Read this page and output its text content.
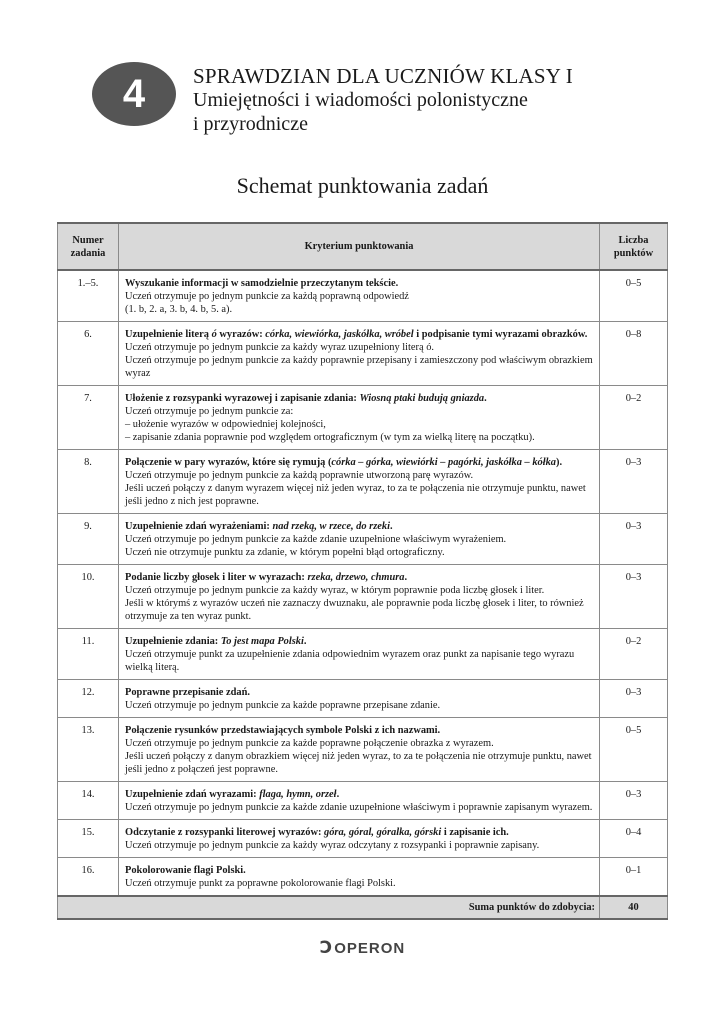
4 SPRAWDZIAN DLA UCZNIÓW KLASY I
Umiejętności i wiadomości polonistyczne
i przyrodnicze
Schemat punktowania zadań
Numer
zadania	Kryterium punktowania	Liczba
punktów

1.–5.	Wyszukanie informacji w samodzielnie przeczytanym tekście.
Uczeń otrzymuje po jednym punkcie za każdą poprawną odpowiedź
(1. b, 2. a, 3. b, 4. b, 5. a).	0–5
6.	Uzupełnienie literą ó wyrazów: córka, wiewiórka, jaskółka, wróbel i podpisanie tymi wyrazami obrazków.
Uczeń otrzymuje po jednym punkcie za każdy wyraz uzupełniony literą ó.
Uczeń otrzymuje po jednym punkcie za każdy poprawnie przepisany i zamieszczony pod właściwym obrazkiem wyraz	0–8
7.	Ułożenie z rozsypanki wyrazowej i zapisanie zdania: Wiosną ptaki budują gniazda.
Uczeń otrzymuje po jednym punkcie za:
– ułożenie wyrazów w odpowiedniej kolejności,
– zapisanie zdania poprawnie pod względem ortograficznym (w tym za wielką literę na początku).	0–2
8.	Połączenie w pary wyrazów, które się rymują (córka – górka, wiewiórki – pagórki, jaskółka – kółka).
Uczeń otrzymuje po jednym punkcie za każdą poprawnie utworzoną parę wyrazów.
Jeśli uczeń połączy z danym wyrazem więcej niż jeden wyraz, to za te połączenia nie otrzymuje punktu, nawet jeśli jedno z nich jest poprawne.	0–3
9.	Uzupełnienie zdań wyrażeniami: nad rzeką, w rzece, do rzeki.
Uczeń otrzymuje po jednym punkcie za każde zdanie uzupełnione właściwym wyrażeniem.
Uczeń nie otrzymuje punktu za zdanie, w którym popełni błąd ortograficzny.	0–3
10.	Podanie liczby głosek i liter w wyrazach: rzeka, drzewo, chmura.
Uczeń otrzymuje po jednym punkcie za każdy wyraz, w którym poprawnie poda liczbę głosek i liter.
Jeśli w którymś z wyrazów uczeń nie zaznaczy dwuznaku, ale poprawnie poda liczbę głosek i liter, to również otrzymuje za ten wyraz punkt.	0–3
11.	Uzupełnienie zdania: To jest mapa Polski.
Uczeń otrzymuje punkt za uzupełnienie zdania odpowiednim wyrazem oraz punkt za napisanie tego wyrazu wielką literą.	0–2
12.	Poprawne przepisanie zdań.
Uczeń otrzymuje po jednym punkcie za każde poprawne przepisane zdanie.	0–3
13.	Połączenie rysunków przedstawiających symbole Polski z ich nazwami.
Uczeń otrzymuje po jednym punkcie za każde poprawne połączenie obrazka z wyrazem.
Jeśli uczeń połączy z danym obrazkiem więcej niż jeden wyraz, to za te połączenia nie otrzymuje punktu, nawet jeśli jedno z połączeń jest poprawne.	0–5
14.	Uzupełnienie zdań wyrazami: flaga, hymn, orzeł.
Uczeń otrzymuje po jednym punkcie za każde zdanie uzupełnione właściwym i poprawnie zapisanym wyrazem.	0–3
15.	Odczytanie z rozsypanki literowej wyrazów: góra, góral, góralka, górski i zapisanie ich.
Uczeń otrzymuje po jednym punkcie za każdy wyraz odczytany z rozsypanki i poprawnie zapisany.	0–4
16.	Pokolorowanie flagi Polski.
Uczeń otrzymuje punkt za poprawne pokolorowanie flagi Polski.	0–1
Suma punktów do zdobycia:		40
ↃOPERON
